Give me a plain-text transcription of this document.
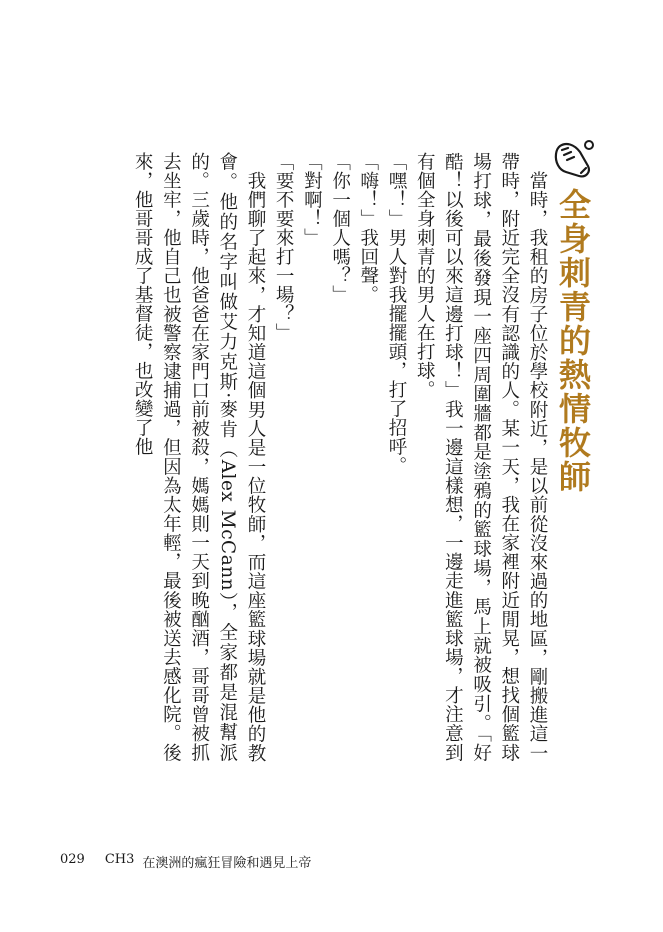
全身刺青的熱情牧師

當時，我租的房子位於學校附近，是以前從沒來過的地區，剛搬進這一帶時，附近完全沒有認識的人。某一天，我在家裡附近閒晃，想找個籃球場打球，最後發現一座四周圍牆都是塗鴉的籃球場，馬上就被吸引。「好酷！以後可以來這邊打球！」我一邊這樣想，一邊走進籃球場，才注意到有個全身刺青的男人在打球。

「嘿！」男人對我擺擺頭，打了招呼。

「嗨！」我回聲。

「你一個人嗎？」

「對啊！」

「要不要來打一場？」

我們聊了起來，才知道這個男人是一位牧師，而這座籃球場就是他的教會。他的名字叫做艾力克斯·麥肯（Alex McCann），全家都是混幫派的。三歲時，他爸爸在家門口前被殺，媽媽則一天到晚酗酒，哥哥曾被抓去坐牢，他自己也被警察逮捕過，但因為太年輕，最後被送去感化院。後來，他哥哥成了基督徒，也改變了他

029 CH3 在澳洲的瘋狂冒險和遇見上帝
